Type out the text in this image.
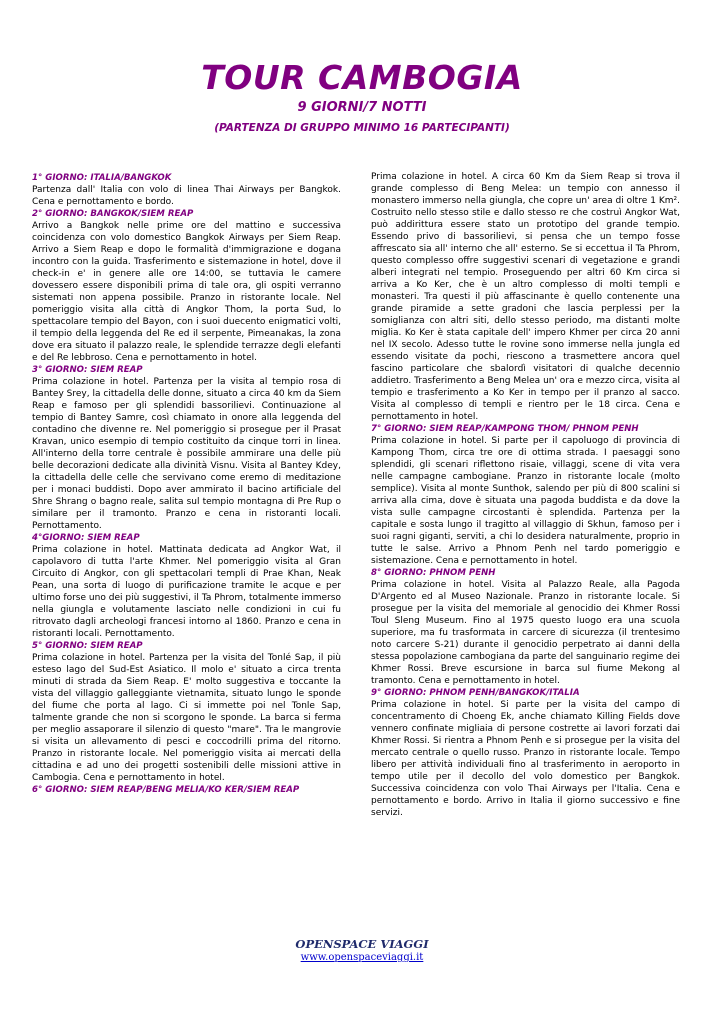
TOUR CAMBOGIA
9 GIORNI/7 NOTTI
(PARTENZA DI GRUPPO MINIMO 16 PARTECIPANTI)

1° GIORNO: ITALIA/BANGKOK

Partenza dall' Italia con volo di linea Thai Airways per Bangkok. Cena e pernottamento e bordo.

2° GIORNO: BANGKOK/SIEM REAP

Arrivo a Bangkok nelle prime ore del mattino e successiva coincidenza con volo domestico Bangkok Airways per Siem Reap. Arrivo a Siem Reap e dopo le formalità d'immigrazione e dogana incontro con la guida. Trasferimento e sistemazione in hotel, dove il check-in e' in genere alle ore 14:00, se tuttavia le camere dovessero essere disponibili prima di tale ora, gli ospiti verranno sistemati non appena possibile. Pranzo in ristorante locale. Nel pomeriggio visita alla città di Angkor Thom, la porta Sud, lo spettacolare tempio del Bayon, con i suoi duecento enigmatici volti, il tempio della leggenda del Re ed il serpente, Pimeanakas, la zona dove era situato il palazzo reale, le splendide terrazze degli elefanti e del Re lebbroso. Cena e pernottamento in hotel.

3° GIORNO: SIEM REAP

Prima colazione in hotel. Partenza per la visita al tempio rosa di Bantey Srey, la cittadella delle donne, situato a circa 40 km da Siem Reap e famoso per gli splendidi bassorilievi. Continuazione al tempio di Bantey Samre, così chiamato in onore alla leggenda del contadino che divenne re. Nel pomeriggio si prosegue per il Prasat Kravan, unico esempio di tempio costituito da cinque torri in linea. All'interno della torre centrale è possibile ammirare una delle più belle decorazioni dedicate alla divinità Visnu. Visita al Bantey Kdey, la cittadella delle celle che servivano come eremo di meditazione per i monaci buddisti. Dopo aver ammirato il bacino artificiale del Shre Shrang o bagno reale, salita sul tempio montagna di Pre Rup o similare per il tramonto. Pranzo e cena in ristoranti locali. Pernottamento.

4°GIORNO: SIEM REAP

Prima colazione in hotel. Mattinata dedicata ad Angkor Wat, il capolavoro di tutta l'arte Khmer. Nel pomeriggio visita al Gran Circuito di Angkor, con gli spettacolari templi di Prae Khan, Neak Pean, una sorta di luogo di purificazione tramite le acque e per ultimo forse uno dei più suggestivi, il Ta Phrom, totalmente immerso nella giungla e volutamente lasciato nelle condizioni in cui fu ritrovato dagli archeologi francesi intorno al 1860. Pranzo e cena in ristoranti locali. Pernottamento.

5° GIORNO: SIEM REAP

Prima colazione in hotel. Partenza per la visita del Tonlé Sap, il più esteso lago del Sud-Est Asiatico. Il molo e' situato a circa trenta minuti di strada da Siem Reap. E' molto suggestiva e toccante la vista del villaggio galleggiante vietnamita, situato lungo le sponde del fiume che porta al lago. Ci si immette poi nel Tonle Sap, talmente grande che non si scorgono le sponde. La barca si ferma per meglio assaporare il silenzio di questo "mare". Tra le mangrovie si visita un allevamento di pesci e coccodrilli prima del ritorno. Pranzo in ristorante locale. Nel pomeriggio visita ai mercati della cittadina e ad uno dei progetti sostenibili delle missioni attive in Cambogia. Cena e pernottamento in hotel.

6° GIORNO: SIEM REAP/BENG MELIA/KO KER/SIEM REAP

Prima colazione in hotel. A circa 60 Km da Siem Reap si trova il grande complesso di Beng Melea: un tempio con annesso il monastero immerso nella giungla, che copre un' area di oltre 1 Km². Costruito nello stesso stile e dallo stesso re che costruì Angkor Wat, può addirittura essere stato un prototipo del grande tempio. Essendo privo di bassorilievi, si pensa che un tempo fosse affrescato sia all' interno che all' esterno. Se si eccettua il Ta Phrom, questo complesso offre suggestivi scenari di vegetazione e grandi alberi integrati nel tempio. Proseguendo per altri 60 Km circa si arriva a Ko Ker, che è un altro complesso di molti templi e monasteri. Tra questi il più affascinante è quello contenente una grande piramide a sette gradoni che lascia perplessi per la somiglianza con altri siti, dello stesso periodo, ma distanti molte miglia. Ko Ker è stata capitale dell' impero Khmer per circa 20 anni nel IX secolo. Adesso tutte le rovine sono immerse nella jungla ed essendo visitate da pochi, riescono a trasmettere ancora quel fascino particolare che sbalordì visitatori di qualche decennio addietro. Trasferimento a Beng Melea un' ora e mezzo circa, visita al tempio e trasferimento a Ko Ker in tempo per il pranzo al sacco. Visita al complesso di templi e rientro per le 18 circa. Cena e pernottamento in hotel.

7° GIORNO: SIEM REAP/KAMPONG THOM/ PHNOM PENH

Prima colazione in hotel. Si parte per il capoluogo di provincia di Kampong Thom, circa tre ore di ottima strada. I paesaggi sono splendidi, gli scenari riflettono risaie, villaggi, scene di vita vera nelle campagne cambogiane. Pranzo in ristorante locale (molto semplice). Visita al monte Sunthok, salendo per più di 800 scalini si arriva alla cima, dove è situata una pagoda buddista e da dove la vista sulle campagne circostanti è splendida. Partenza per la capitale e sosta lungo il tragitto al villaggio di Skhun, famoso per i suoi ragni giganti, serviti, a chi lo desidera naturalmente, proprio in tutte le salse. Arrivo a Phnom Penh nel tardo pomeriggio e sistemazione. Cena e pernottamento in hotel.

8° GIORNO: PHNOM PENH

Prima colazione in hotel. Visita al Palazzo Reale, alla Pagoda D'Argento ed al Museo Nazionale. Pranzo in ristorante locale. Si prosegue per la visita del memoriale al genocidio dei Khmer Rossi Toul Sleng Museum. Fino al 1975 questo luogo era una scuola superiore, ma fu trasformata in carcere di sicurezza (il trentesimo noto carcere S-21) durante il genocidio perpetrato ai danni della stessa popolazione cambogiana da parte del sanguinario regime dei Khmer Rossi. Breve escursione in barca sul fiume Mekong al tramonto. Cena e pernottamento in hotel.

9° GIORNO: PHNOM PENH/BANGKOK/ITALIA

Prima colazione in hotel. Si parte per la visita del campo di concentramento di Choeng Ek, anche chiamato Killing Fields dove vennero confinate migliaia di persone costrette ai lavori forzati dai Khmer Rossi. Si rientra a Phnom Penh e si prosegue per la visita del mercato centrale o quello russo. Pranzo in ristorante locale. Tempo libero per attività individuali fino al trasferimento in aeroporto in tempo utile per il decollo del volo domestico per Bangkok. Successiva coincidenza con volo Thai Airways per l'Italia. Cena e pernottamento e bordo. Arrivo in Italia il giorno successivo e fine servizi.

OPENSPACE VIAGGI
www.openspaceviaggi.it
